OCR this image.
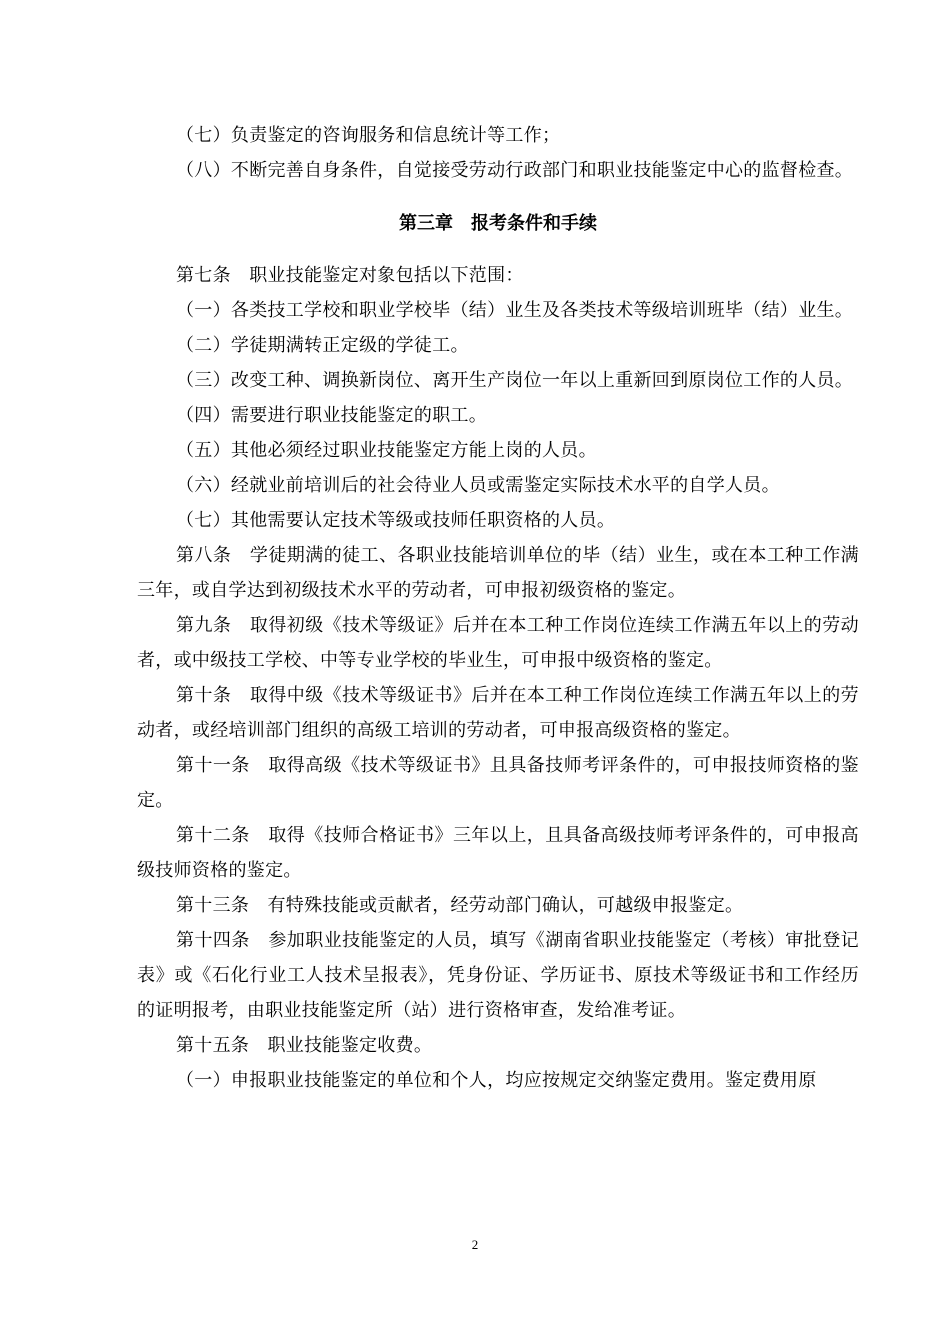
（七）负责鉴定的咨询服务和信息统计等工作；

（八）不断完善自身条件，自觉接受劳动行政部门和职业技能鉴定中心的监督检查。

第三章　报考条件和手续

第七条　职业技能鉴定对象包括以下范围：

（一）各类技工学校和职业学校毕（结）业生及各类技术等级培训班毕（结）业生。

（二）学徒期满转正定级的学徒工。

（三）改变工种、调换新岗位、离开生产岗位一年以上重新回到原岗位工作的人员。

（四）需要进行职业技能鉴定的职工。

（五）其他必须经过职业技能鉴定方能上岗的人员。

（六）经就业前培训后的社会待业人员或需鉴定实际技术水平的自学人员。

（七）其他需要认定技术等级或技师任职资格的人员。

第八条　学徒期满的徒工、各职业技能培训单位的毕（结）业生，或在本工种工作满三年，或自学达到初级技术水平的劳动者，可申报初级资格的鉴定。

第九条　取得初级《技术等级证》后并在本工种工作岗位连续工作满五年以上的劳动者，或中级技工学校、中等专业学校的毕业生，可申报中级资格的鉴定。

第十条　取得中级《技术等级证书》后并在本工种工作岗位连续工作满五年以上的劳动者，或经培训部门组织的高级工培训的劳动者，可申报高级资格的鉴定。

第十一条　取得高级《技术等级证书》且具备技师考评条件的，可申报技师资格的鉴定。

第十二条　取得《技师合格证书》三年以上，且具备高级技师考评条件的，可申报高级技师资格的鉴定。

第十三条　有特殊技能或贡献者，经劳动部门确认，可越级申报鉴定。

第十四条　参加职业技能鉴定的人员，填写《湖南省职业技能鉴定（考核）审批登记表》或《石化行业工人技术呈报表》，凭身份证、学历证书、原技术等级证书和工作经历的证明报考，由职业技能鉴定所（站）进行资格审查，发给准考证。

第十五条　职业技能鉴定收费。

（一）申报职业技能鉴定的单位和个人，均应按规定交纳鉴定费用。鉴定费用原

2
